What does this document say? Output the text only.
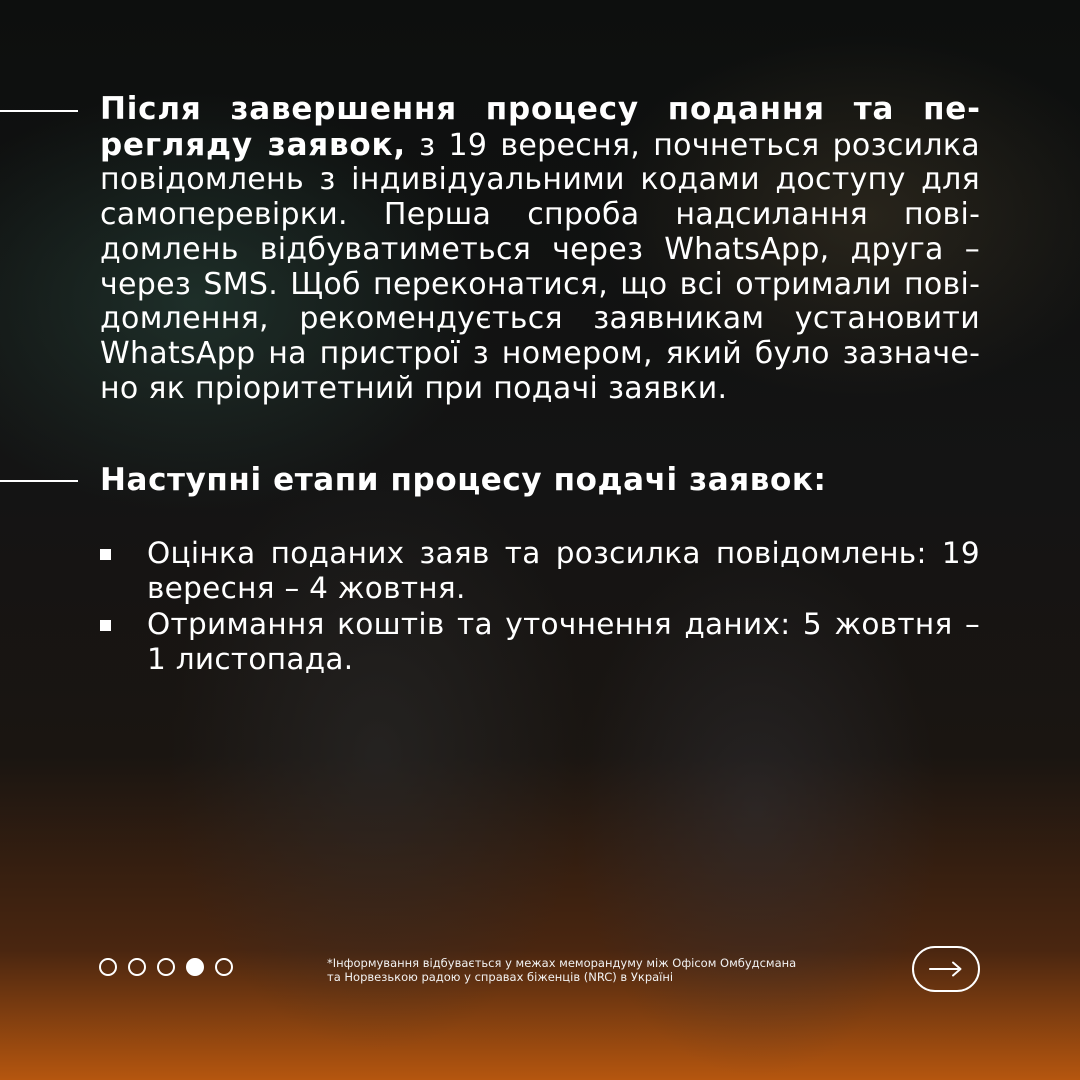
Після завершення процесу подання та перегляду заявок, з 19 вересня, почнеться розсилка повідомлень з індивідуальними кодами доступу для самоперевірки. Перша спроба надсилання повідомлень відбуватиметься через WhatsApp, друга – через SMS. Щоб переконатися, що всі отримали повідомлення, рекомендується заявникам установити WhatsApp на пристрої з номером, який було зазначено як пріоритетний при подачі заявки.
Наступні етапи процесу подачі заявок:
Оцінка поданих заяв та розсилка повідомлень: 19 вересня – 4 жовтня.
Отримання коштів та уточнення даних: 5 жовтня – 1 листопада.
*Інформування відбувається у межах меморандуму між Офісом Омбудсмана
та Норвезькою радою у справах біженців (NRC) в Україні
